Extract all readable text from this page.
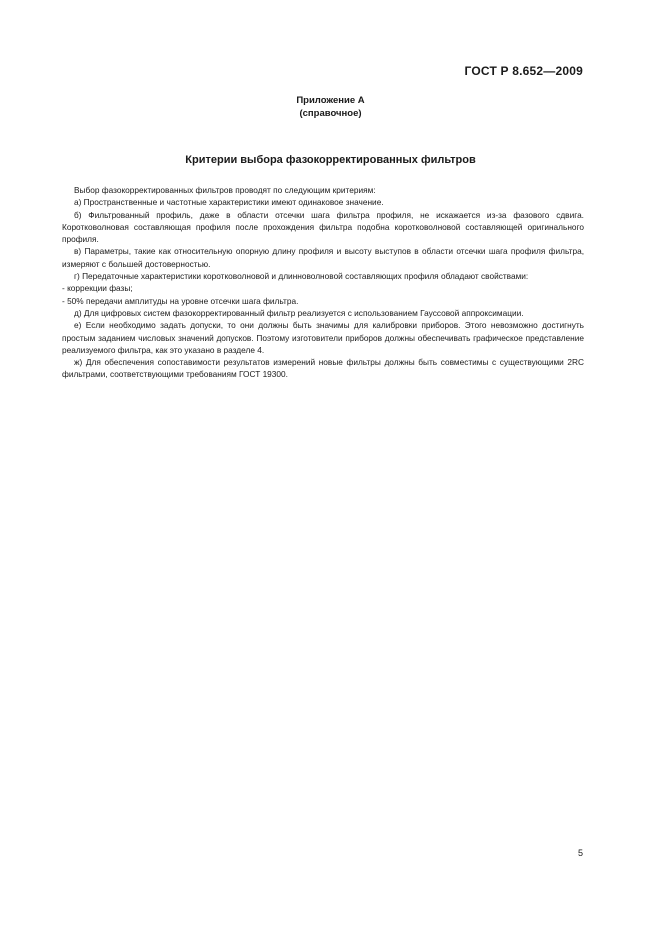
ГОСТ Р 8.652—2009
Приложение А
(справочное)
Критерии выбора фазокорректированных фильтров

Выбор фазокорректированных фильтров проводят по следующим критериям:

а) Пространственные и частотные характеристики имеют одинаковое значение.

б) Фильтрованный профиль, даже в области отсечки шага фильтра профиля, не искажается из-за фазового сдвига. Коротковолновая составляющая профиля после прохождения фильтра подобна коротковолновой составляющей оригинального профиля.

в) Параметры, такие как относительную опорную длину профиля и высоту выступов в области отсечки шага профиля фильтра, измеряют с большей достоверностью.

г) Передаточные характеристики коротковолновой и длинноволновой составляющих профиля обладают свойствами:

- коррекции фазы;

- 50% передачи амплитуды на уровне отсечки шага фильтра.

д) Для цифровых систем фазокорректированный фильтр реализуется с использованием Гауссовой аппроксимации.

е) Если необходимо задать допуски, то они должны быть значимы для калибровки приборов. Этого невозможно достигнуть простым заданием числовых значений допусков. Поэтому изготовители приборов должны обеспечивать графическое представление реализуемого фильтра, как это указано в разделе 4.

ж) Для обеспечения сопоставимости результатов измерений новые фильтры должны быть совместимы с существующими 2RC фильтрами, соответствующими требованиям ГОСТ 19300.

5
